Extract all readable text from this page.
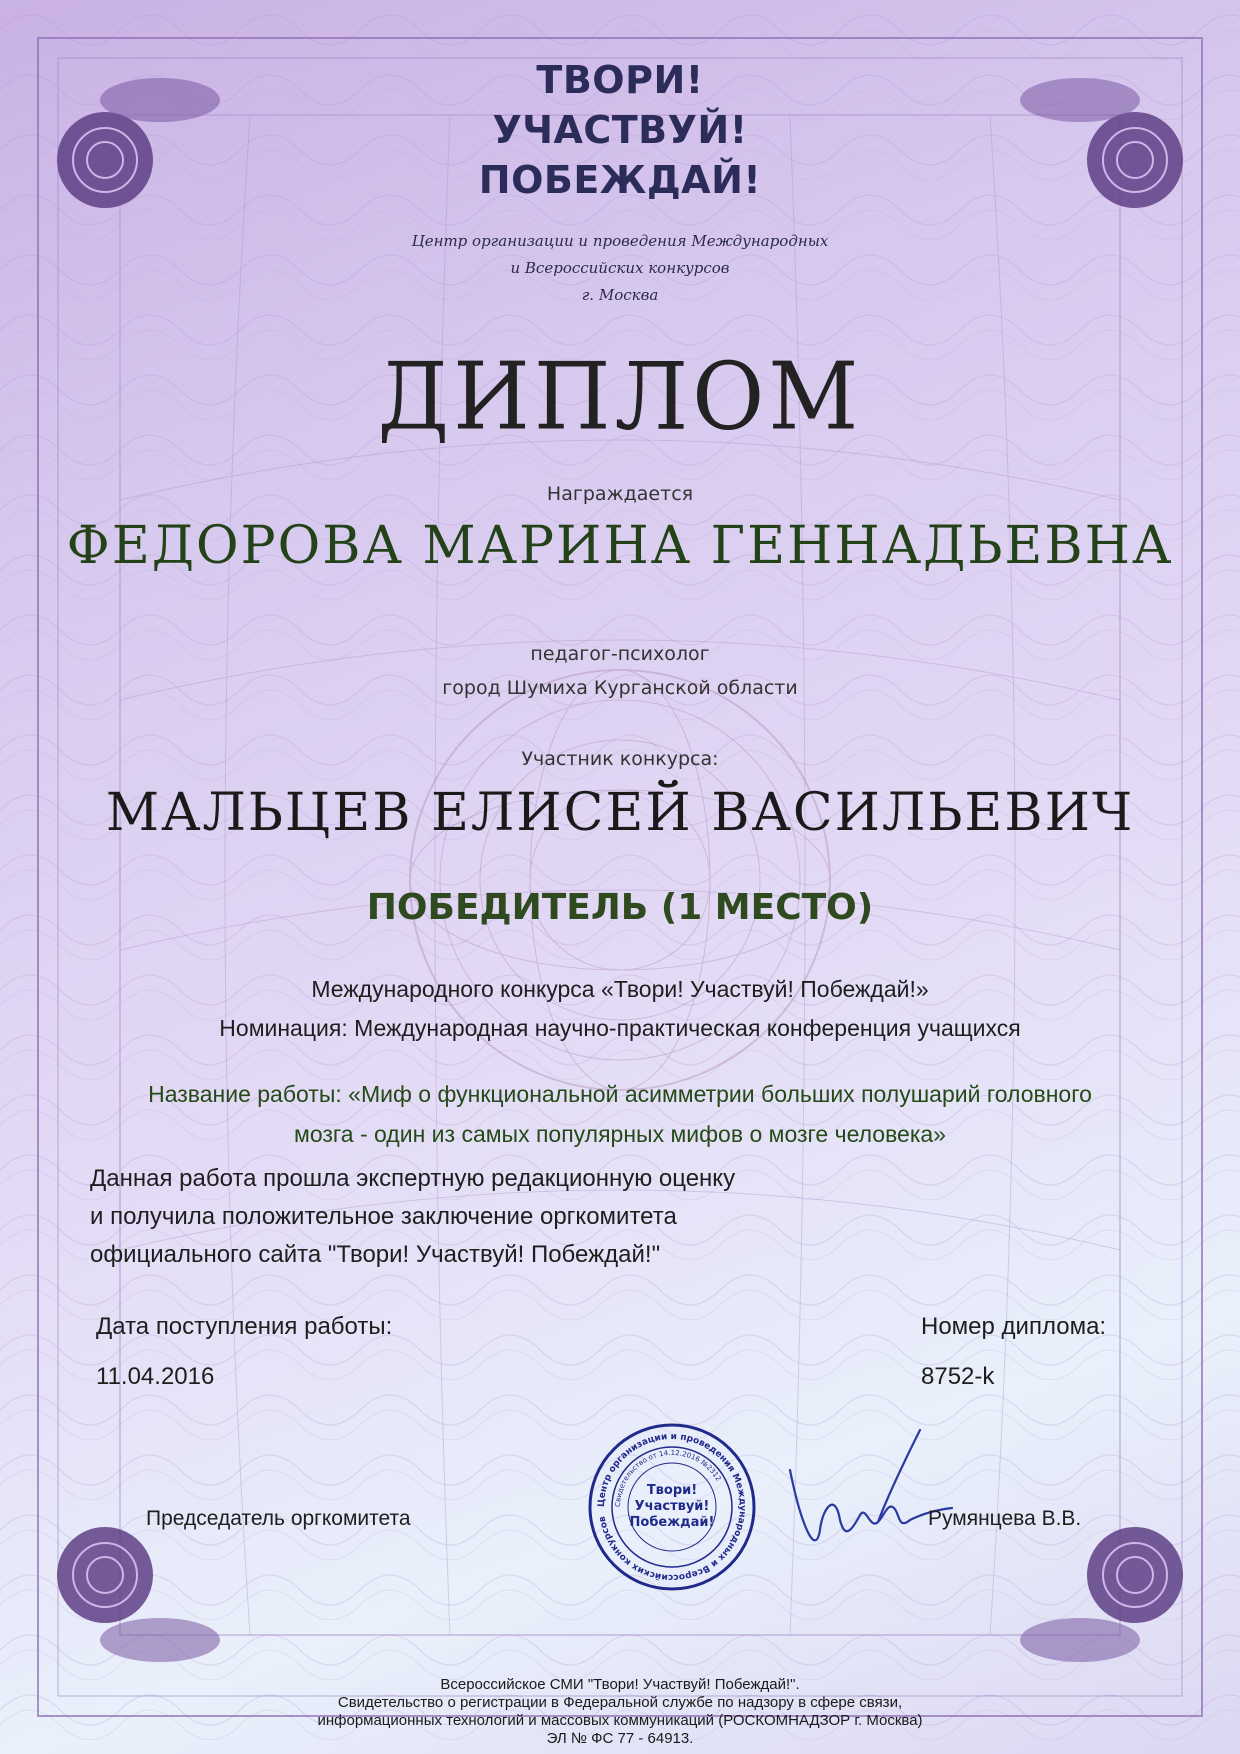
ТВОРИ!
УЧАСТВУЙ!
ПОБЕЖДАЙ!
Центр организации и проведения Международных
и Всероссийских конкурсов
г. Москва
ДИПЛОМ
Награждается
ФЕДОРОВА МАРИНА ГЕННАДЬЕВНА
педагог-психолог
город Шумиха Курганской области
Участник конкурса:
МАЛЬЦЕВ ЕЛИСЕЙ ВАСИЛЬЕВИЧ
ПОБЕДИТЕЛЬ (1 МЕСТО)
Международного конкурса «Твори! Участвуй! Побеждай!»
Номинация: Международная научно-практическая конференция учащихся
Название работы: «Миф о функциональной асимметрии больших полушарий головного
мозга - один из самых популярных мифов о мозге человека»
Данная работа прошла экспертную редакционную оценку
и получила положительное заключение оргкомитета
официального сайта "Твори! Участвуй! Побеждай!"
Дата поступления работы:
11.04.2016
Номер диплома:
8752-k
Председатель оргкомитета
Центр организации и проведения Международных и Всероссийских конкурсов
Свидетельство от 14.12.2016 №2312
Твори!
Участвуй!
Побеждай!	Румянцева В.В.
Всероссийское СМИ "Твори! Участвуй! Побеждай!".
Свидетельство о регистрации в Федеральной службе по надзору в сфере связи,
информационных технологий и массовых коммуникаций (РОСКОМНАДЗОР г. Москва)
ЭЛ № ФС 77 - 64913.
